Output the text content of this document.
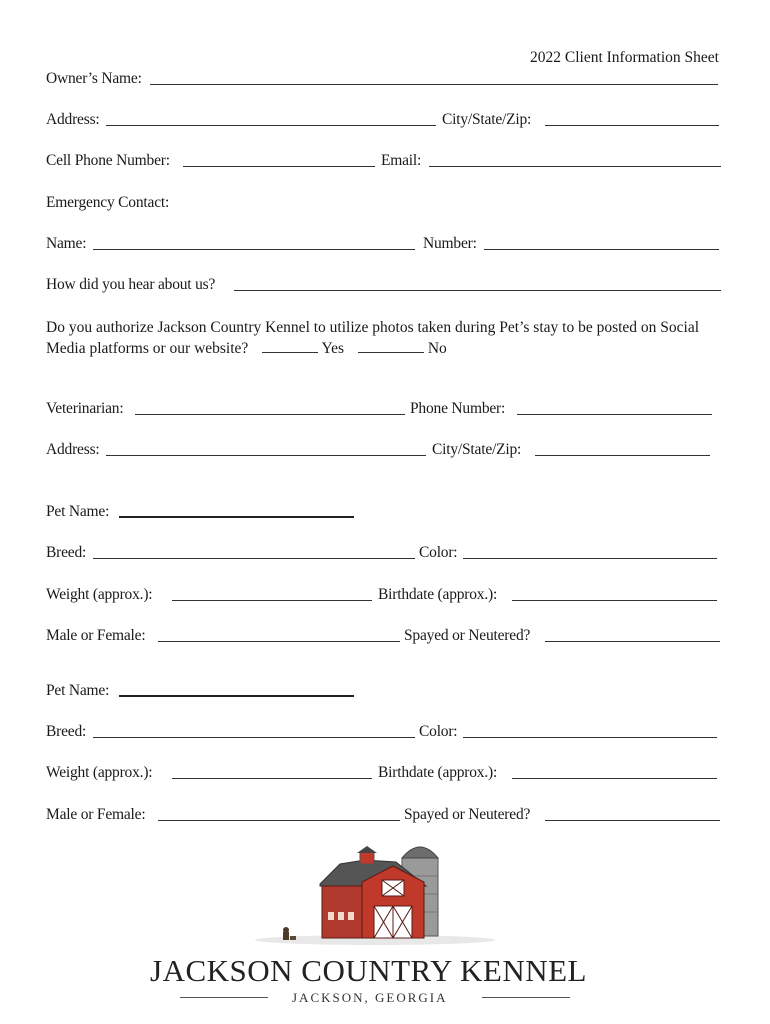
2022 Client Information Sheet
Owner’s Name:
Address:	City/State/Zip:
Cell Phone Number:	Email:
Emergency Contact:
Name:	Number:
How did you hear about us?
Do you authorize Jackson Country Kennel to utilize photos taken during Pet’s stay to be posted on Social Media platforms or our website?	Yes	No
Veterinarian:	Phone Number:
Address:	City/State/Zip:
Pet Name:
Breed:	Color:
Weight (approx.):	Birthdate (approx.):
Male or Female:	Spayed or Neutered?
Pet Name:
Breed:	Color:
Weight (approx.):	Birthdate (approx.):
Male or Female:	Spayed or Neutered?
JACKSON COUNTRY KENNEL
JACKSON, GEORGIA
